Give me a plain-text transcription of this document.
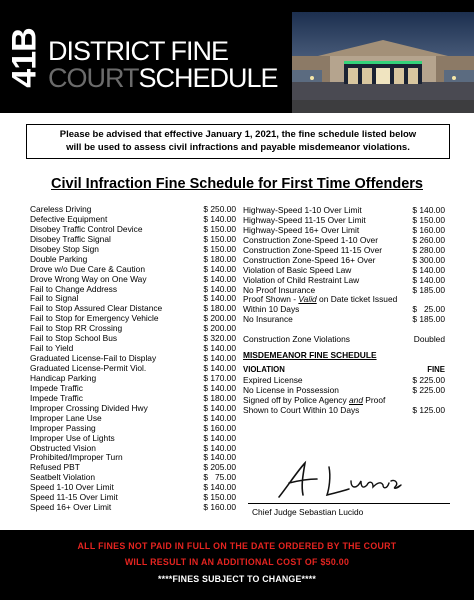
41B DISTRICT FINE
COURTSCHEDULE
Please be advised that effective January 1, 2021, the fine schedule listed below
will be used to assess civil infractions and payable misdemeanor violations.
Civil Infraction Fine Schedule for First Time Offenders
Careless Driving	$ 250.00
Defective Equipment	$ 140.00
Disobey Traffic Control Device	$ 150.00
Disobey Traffic Signal	$ 150.00
Disobey Stop Sign	$ 150.00
Double Parking	$ 180.00
Drove w/o Due Care & Caution	$ 140.00
Drove Wrong Way on One Way	$ 140.00
Fail to Change Address	$ 140.00
Fail to Signal	$ 140.00
Fail to Stop Assured Clear Distance	$ 180.00
Fail to Stop for Emergency Vehicle	$ 200.00
Fail to Stop RR Crossing	$ 200.00
Fail to Stop School Bus	$ 320.00
Fail to Yield	$ 140.00
Graduated License-Fail to Display	$ 140.00
Graduated License-Permit Viol.	$ 140.00
Handicap Parking	$ 170.00
Impede Traffic	$ 140.00
Impede Traffic	$ 180.00
Improper Crossing Divided Hwy	$ 140.00
Improper Lane Use	$ 140.00
Improper Passing	$ 160.00
Improper Use of Lights	$ 140.00
Obstructed Vision	$ 140.00
Prohibited/Improper Turn	$ 140.00
Refused PBT	$ 205.00
Seatbelt Violation	$   75.00
Speed 1-10 Over Limit	$ 140.00
Speed 11-15 Over Limit	$ 150.00
Speed 16+ Over Limit	$ 160.00
Highway-Speed 1-10 Over Limit	$ 140.00
Highway-Speed 11-15 Over Limit	$ 150.00
Highway-Speed 16+ Over Limit	$ 160.00
Construction Zone-Speed 1-10 Over	$ 260.00
Construction Zone-Speed 11-15 Over	$ 280.00
Construction Zone-Speed 16+ Over	$ 300.00
Violation of Basic Speed Law	$ 140.00
Violation of Child Restraint Law	$ 140.00
No Proof Insurance	$ 185.00
Proof Shown - Valid on Date ticket Issued
Within 10 Days	$   25.00
No Insurance	$ 185.00
Construction Zone Violations	Doubled
MISDEMEANOR FINE SCHEDULE
VIOLATION	FINE
Expired License	$ 225.00
No License in Possession	$ 225.00
Signed off by Police Agency and Proof
Shown to Court Within 10 Days	$ 125.00
Chief Judge Sebastian Lucido
ALL FINES NOT PAID IN FULL ON THE DATE ORDERED BY THE COURT
WILL RESULT IN AN ADDITIONAL COST OF $50.00
****FINES SUBJECT TO CHANGE****
